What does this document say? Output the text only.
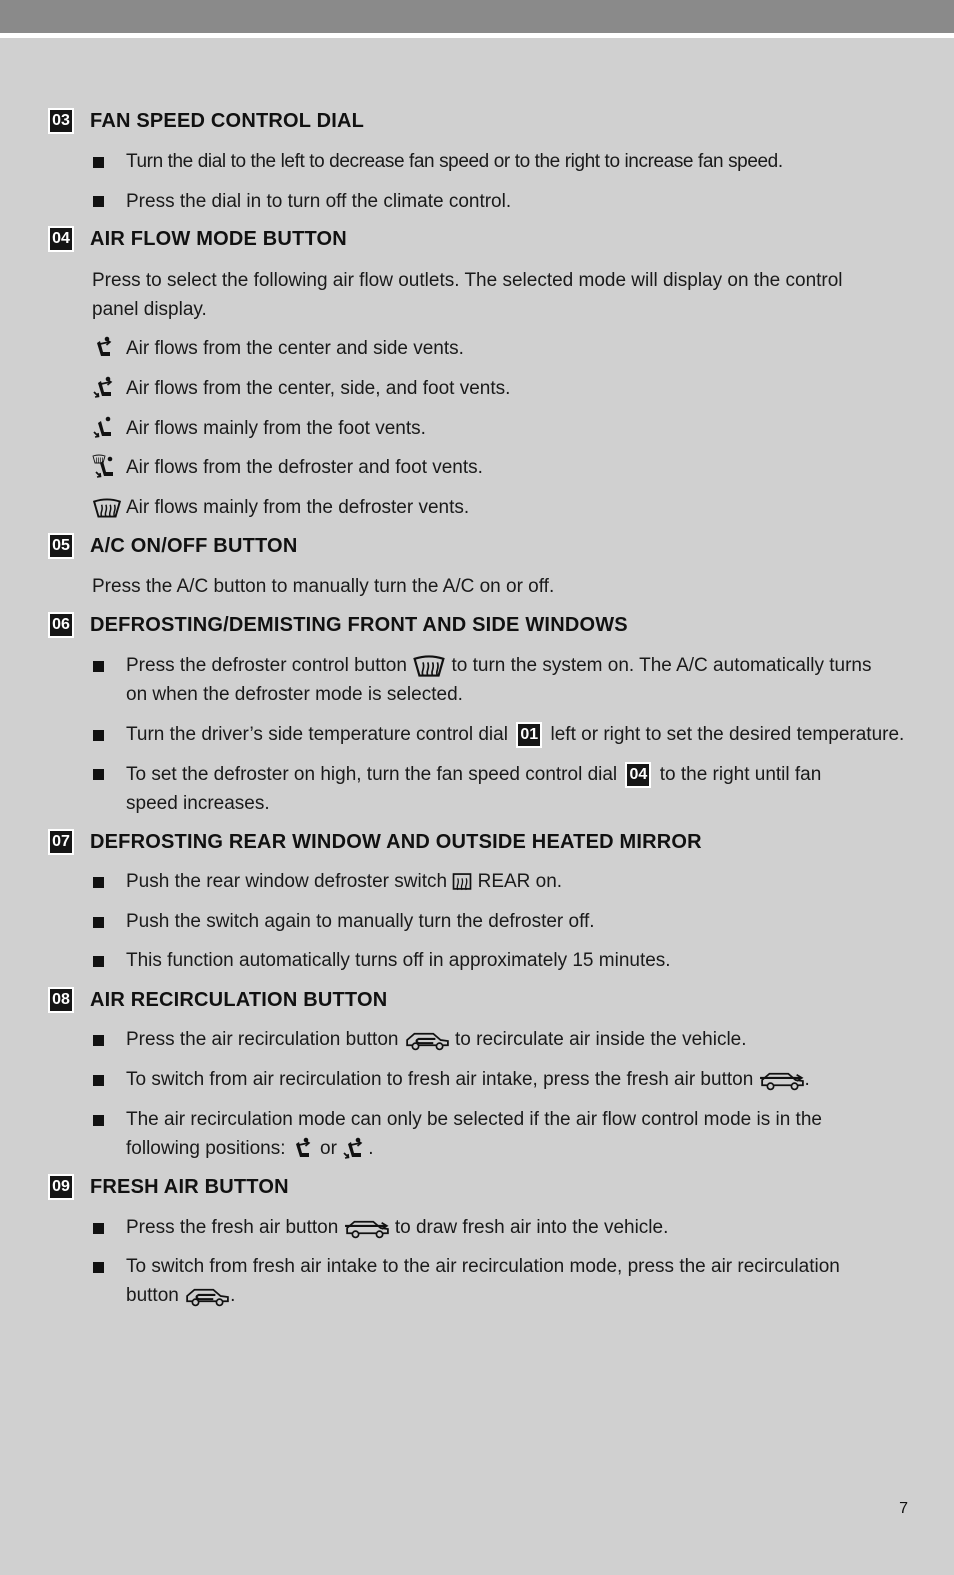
03 FAN SPEED CONTROL DIAL
Turn the dial to the left to decrease fan speed or to the right to increase fan speed.
Press the dial in to turn off the climate control.
04 AIR FLOW MODE BUTTON
Press to select the following air flow outlets. The selected mode will display on the control
panel display.
Air flows from the center and side vents.
Air flows from the center, side, and foot vents.
Air flows mainly from the foot vents.
Air flows from the defroster and foot vents.
Air flows mainly from the defroster vents.
05 A/C ON/OFF BUTTON
Press the A/C button to manually turn the A/C on or off.
06 DEFROSTING/DEMISTING FRONT AND SIDE WINDOWS
Press the defroster control button to turn the system on. The A/C automatically turns
on when the defroster mode is selected.
Turn the driver’s side temperature control dial 01 left or right to set the desired temperature.
To set the defroster on high, turn the fan speed control dial 04 to the right until fan
speed increases.
07 DEFROSTING REAR WINDOW AND OUTSIDE HEATED MIRROR
Push the rear window defroster switch REAR on.
Push the switch again to manually turn the defroster off.
This function automatically turns off in approximately 15 minutes.
08 AIR RECIRCULATION BUTTON
Press the air recirculation button	to recirculate air inside the vehicle.
To switch from air recirculation to fresh air intake, press the fresh air button	.
The air recirculation mode can only be selected if the air flow control mode is in the
following positions: or .
09 FRESH AIR BUTTON
Press the fresh air button	to draw fresh air into the vehicle.
To switch from fresh air intake to the air recirculation mode, press the air recirculation
button	.
7
